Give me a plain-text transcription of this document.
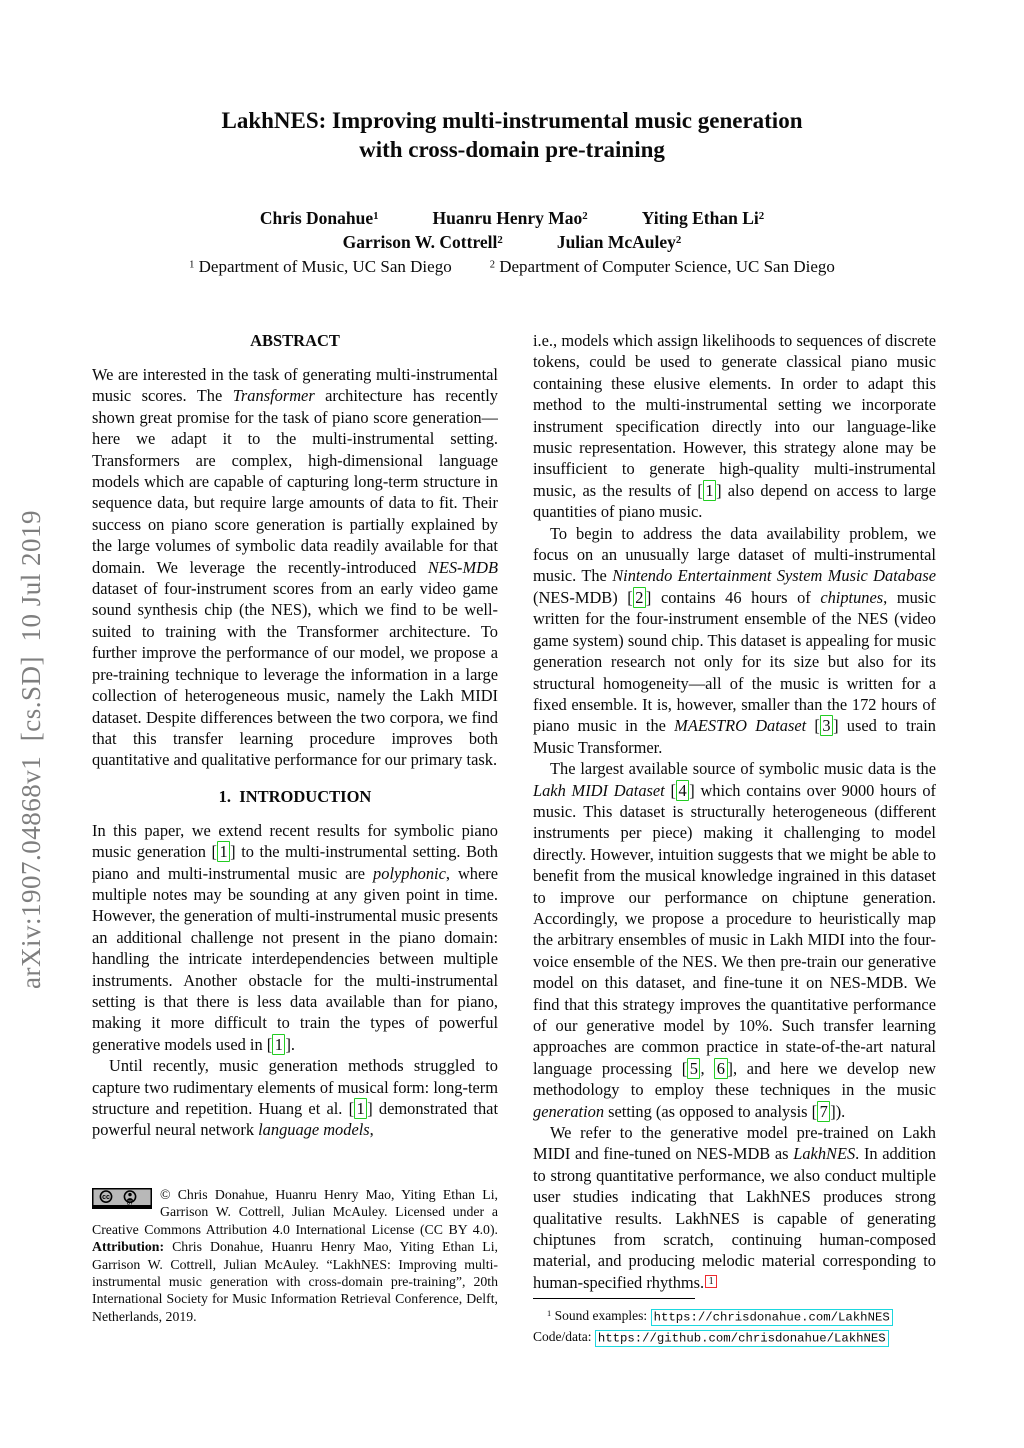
arXiv:1907.04868v1  [cs.SD]  10 Jul 2019
LakhNES: Improving multi-instrumental music generation
with cross-domain pre-training
Chris Donahue$^1$	Huanru Henry Mao$^2$	Yiting Ethan Li$^2$
Garrison W. Cottrell$^2$	Julian McAuley$^2$
$^1$ Department of Music, UC San Diego	$^2$ Department of Computer Science, UC San Diego
ABSTRACT

We are interested in the task of generating multi-instrumental music scores. The Transformer architecture has recently shown great promise for the task of piano score generation—here we adapt it to the multi-instrumental setting. Transformers are complex, high-dimensional language models which are capable of capturing long-term structure in sequence data, but require large amounts of data to fit. Their success on piano score generation is partially explained by the large volumes of symbolic data readily available for that domain. We leverage the recently-introduced NES-MDB dataset of four-instrument scores from an early video game sound synthesis chip (the NES), which we find to be well-suited to training with the Transformer architecture. To further improve the performance of our model, we propose a pre-training technique to leverage the information in a large collection of heterogeneous music, namely the Lakh MIDI dataset. Despite differences between the two corpora, we find that this transfer learning procedure improves both quantitative and qualitative performance for our primary task.

1.  INTRODUCTION

In this paper, we extend recent results for symbolic piano music generation [ 1 ] to the multi-instrumental setting. Both piano and multi-instrumental music are polyphonic, where multiple notes may be sounding at any given point in time. However, the generation of multi-instrumental music presents an additional challenge not present in the piano domain: handling the intricate interdependencies between multiple instruments. Another obstacle for the multi-instrumental setting is that there is less data available than for piano, making it more difficult to train the types of powerful generative models used in [ 1 ].

Until recently, music generation methods struggled to capture two rudimentary elements of musical form: long-term structure and repetition. Huang et al. [ 1 ] demonstrated that powerful neural network language models,

cc
BY
© Chris Donahue, Huanru Henry Mao, Yiting Ethan Li, Garrison W. Cottrell, Julian McAuley. Licensed under a Creative Commons Attribution 4.0 International License (CC BY 4.0). Attribution: Chris Donahue, Huanru Henry Mao, Yiting Ethan Li, Garrison W. Cottrell, Julian McAuley. “LakhNES: Improving multi-instrumental music generation with cross-domain pre-training”, 20th International Society for Music Information Retrieval Conference, Delft, Netherlands, 2019.

i.e., models which assign likelihoods to sequences of discrete tokens, could be used to generate classical piano music containing these elusive elements. In order to adapt this method to the multi-instrumental setting we incorporate instrument specification directly into our language-like music representation. However, this strategy alone may be insufficient to generate high-quality multi-instrumental music, as the results of [ 1 ] also depend on access to large quantities of piano music.

To begin to address the data availability problem, we focus on an unusually large dataset of multi-instrumental music. The Nintendo Entertainment System Music Database (NES-MDB) [ 2 ] contains 46 hours of chiptunes, music written for the four-instrument ensemble of the NES (video game system) sound chip. This dataset is appealing for music generation research not only for its size but also for its structural homogeneity—all of the music is written for a fixed ensemble. It is, however, smaller than the 172 hours of piano music in the MAESTRO Dataset [ 3 ] used to train Music Transformer.

The largest available source of symbolic music data is the Lakh MIDI Dataset [ 4 ] which contains over 9000 hours of music. This dataset is structurally heterogeneous (different instruments per piece) making it challenging to model directly. However, intuition suggests that we might be able to benefit from the musical knowledge ingrained in this dataset to improve our performance on chiptune generation. Accordingly, we propose a procedure to heuristically map the arbitrary ensembles of music in Lakh MIDI into the four-voice ensemble of the NES. We then pre-train our generative model on this dataset, and fine-tune it on NES-MDB. We find that this strategy improves the quantitative performance of our generative model by 10%. Such transfer learning approaches are common practice in state-of-the-art natural language processing [ 5 , 6 ], and here we develop new methodology to employ these techniques in the music generation setting (as opposed to analysis [ 7 ]).

We refer to the generative model pre-trained on Lakh MIDI and fine-tuned on NES-MDB as LakhNES. In addition to strong quantitative performance, we also conduct multiple user studies indicating that LakhNES produces strong qualitative results. LakhNES is capable of generating chiptunes from scratch, continuing human-composed material, and producing melodic material corresponding to human-specified rhythms. $^1$

$^1$ Sound examples: https://chrisdonahue.com/LakhNES
Code/data: https://github.com/chrisdonahue/LakhNES
